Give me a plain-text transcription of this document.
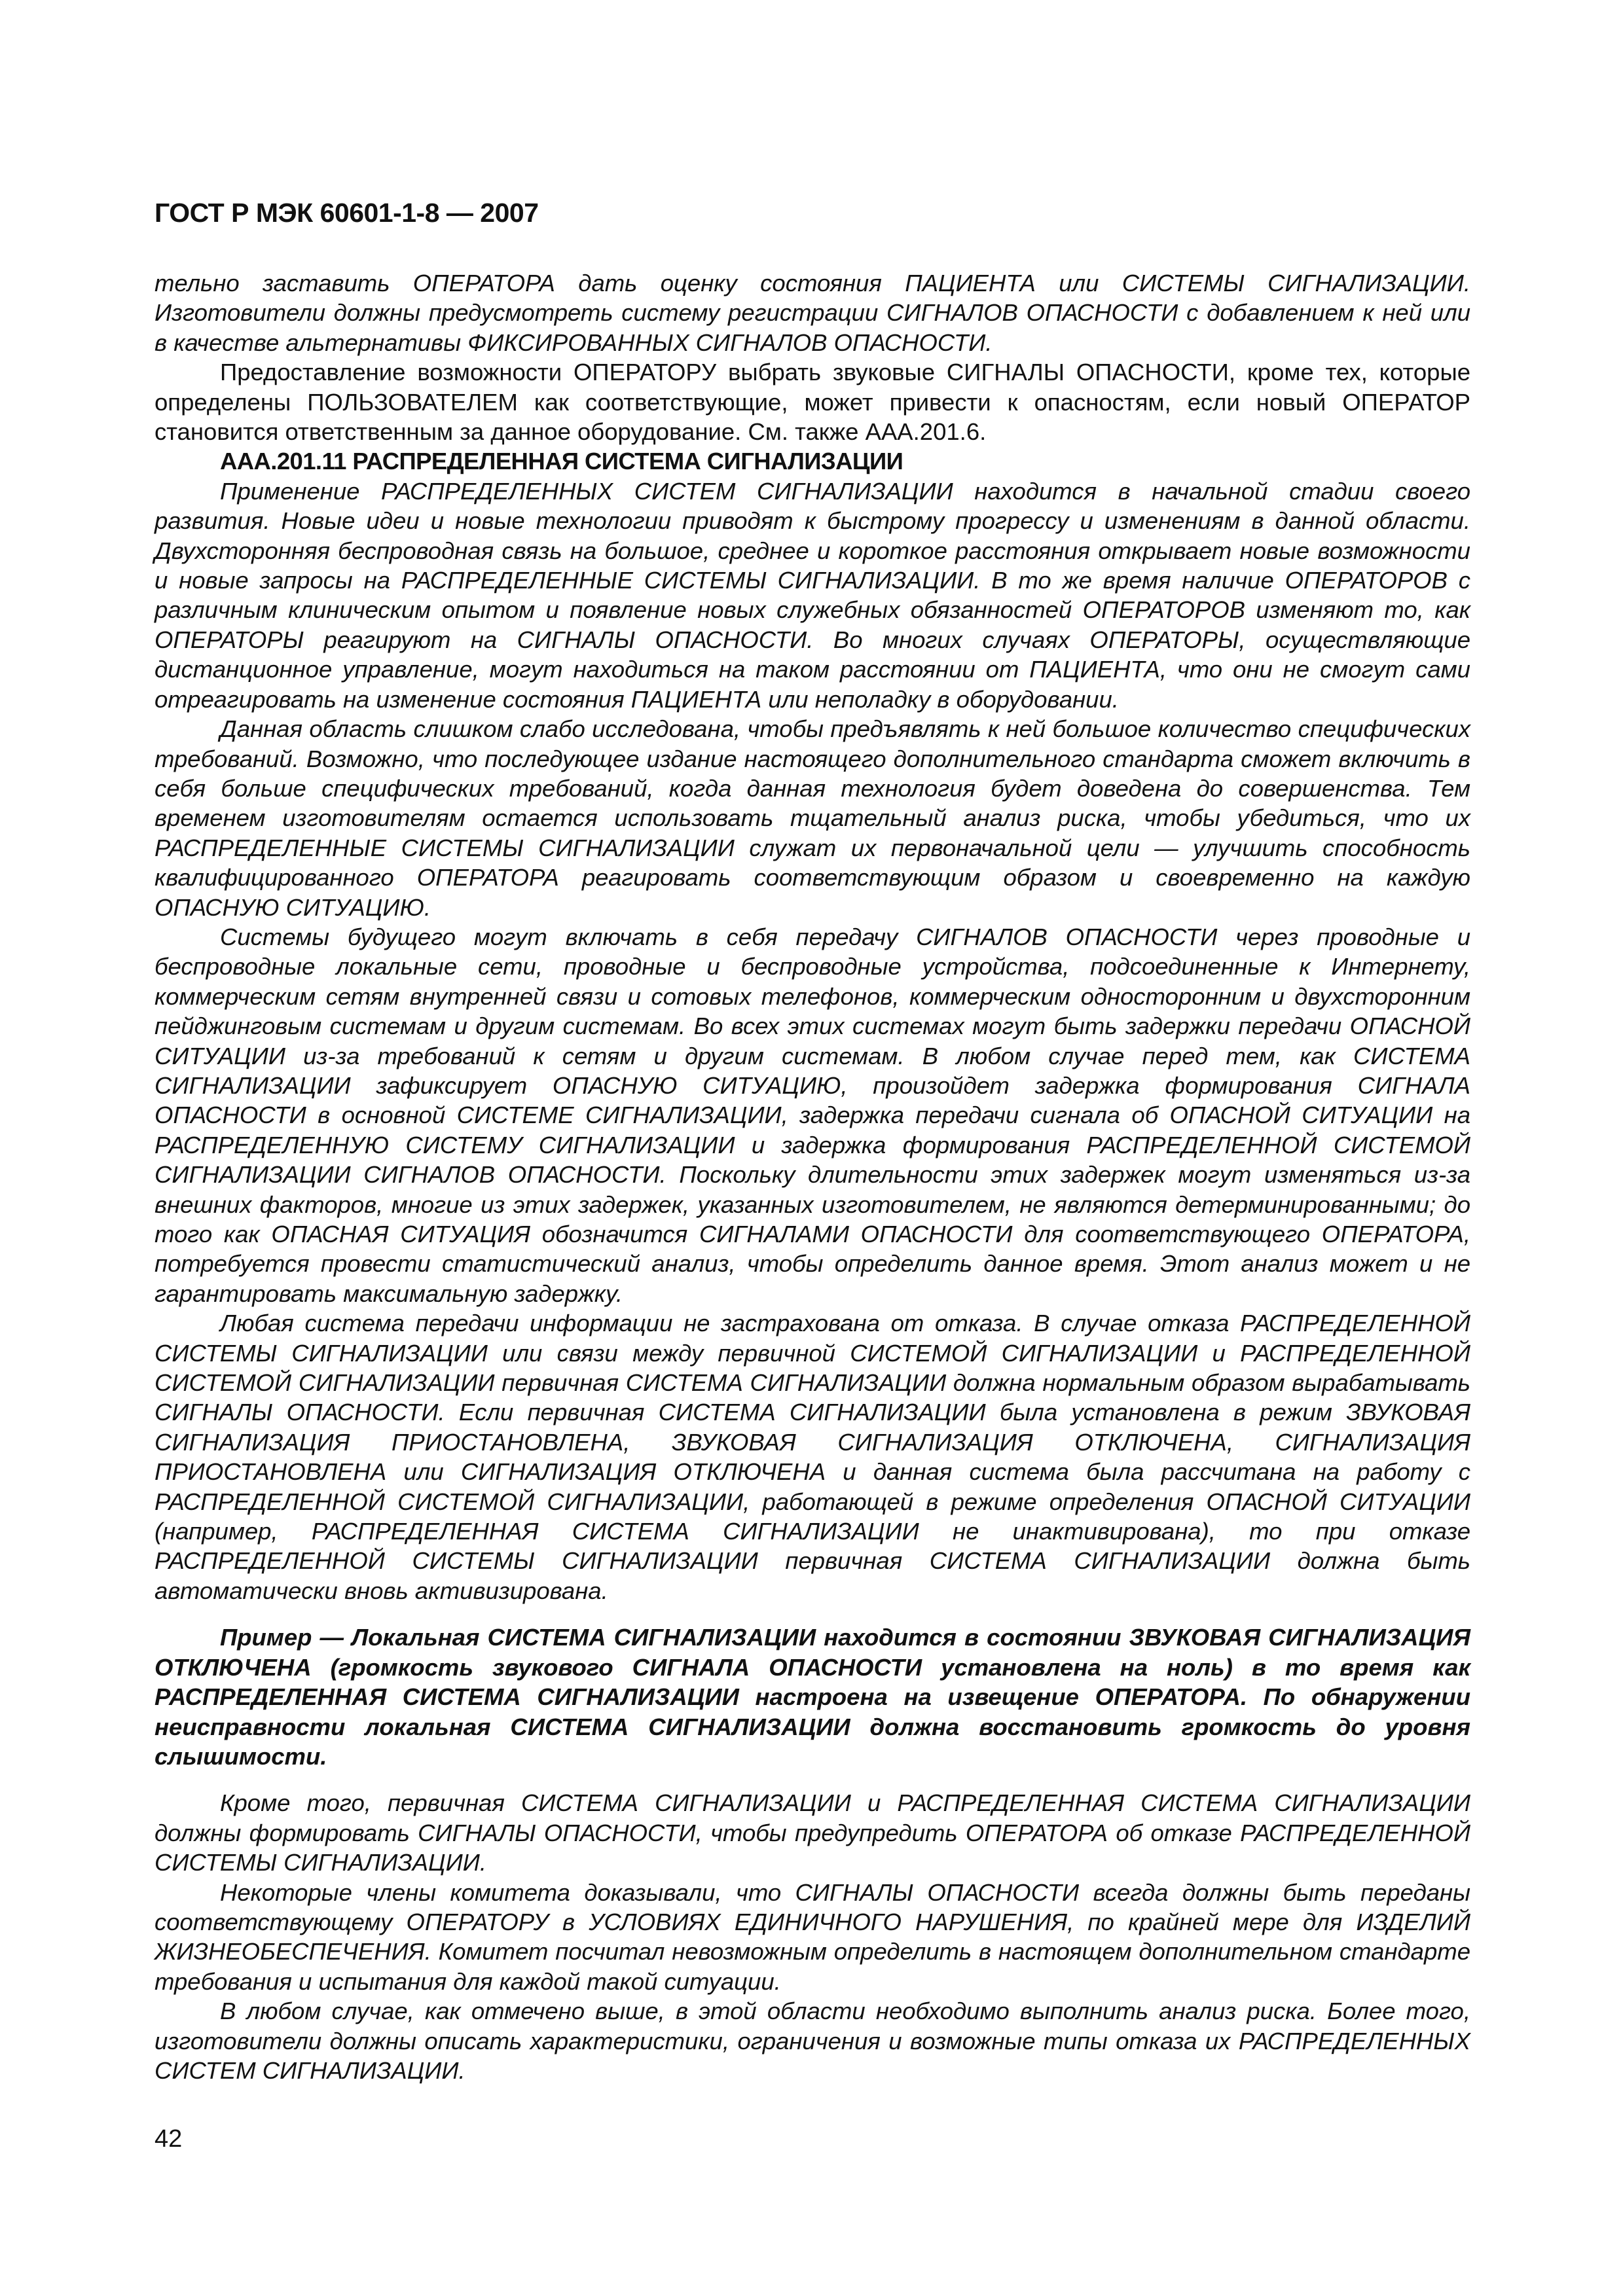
ГОСТ Р МЭК 60601-1-8 — 2007

тельно заставить ОПЕРАТОРА дать оценку состояния ПАЦИЕНТА или СИСТЕМЫ СИГНАЛИЗАЦИИ. Изготовители должны предусмотреть систему регистрации СИГНАЛОВ ОПАСНОСТИ с добавлением к ней или в качестве альтернативы ФИКСИРОВАННЫХ СИГНАЛОВ ОПАСНОСТИ.

Предоставление возможности ОПЕРАТОРУ выбрать звуковые СИГНАЛЫ ОПАСНОСТИ, кроме тех, которые определены ПОЛЬЗОВАТЕЛЕМ как соответствующие, может привести к опасностям, если новый ОПЕРАТОР становится ответственным за данное оборудование. См. также ААА.201.6.

ААА.201.11 РАСПРЕДЕЛЕННАЯ СИСТЕМА СИГНАЛИЗАЦИИ

Применение РАСПРЕДЕЛЕННЫХ СИСТЕМ СИГНАЛИЗАЦИИ находится в начальной стадии своего развития. Новые идеи и новые технологии приводят к быстрому прогрессу и изменениям в данной области. Двухсторонняя беспроводная связь на большое, среднее и короткое расстояния открывает новые возможности и новые запросы на РАСПРЕДЕЛЕННЫЕ СИСТЕМЫ СИГНАЛИЗАЦИИ. В то же время наличие ОПЕРАТОРОВ с различным клиническим опытом и появление новых служебных обязанностей ОПЕРАТОРОВ изменяют то, как ОПЕРАТОРЫ реагируют на СИГНАЛЫ ОПАСНОСТИ. Во многих случаях ОПЕРАТОРЫ, осуществляющие дистанционное управление, могут находиться на таком расстоянии от ПАЦИЕНТА, что они не смогут сами отреагировать на изменение состояния ПАЦИЕНТА или неполадку в оборудовании.

Данная область слишком слабо исследована, чтобы предъявлять к ней большое количество специфических требований. Возможно, что последующее издание настоящего дополнительного стандарта сможет включить в себя больше специфических требований, когда данная технология будет доведена до совершенства. Тем временем изготовителям остается использовать тщательный анализ риска, чтобы убедиться, что их РАСПРЕДЕЛЕННЫЕ СИСТЕМЫ СИГНАЛИЗАЦИИ служат их первоначальной цели — улучшить способность квалифицированного ОПЕРАТОРА реагировать соответствующим образом и своевременно на каждую ОПАСНУЮ СИТУАЦИЮ.

Системы будущего могут включать в себя передачу СИГНАЛОВ ОПАСНОСТИ через проводные и беспроводные локальные сети, проводные и беспроводные устройства, подсоединенные к Интернету, коммерческим сетям внутренней связи и сотовых телефонов, коммерческим односторонним и двухсторонним пейджинговым системам и другим системам. Во всех этих системах могут быть задержки передачи ОПАСНОЙ СИТУАЦИИ из-за требований к сетям и другим системам. В любом случае перед тем, как СИСТЕМА СИГНАЛИЗАЦИИ зафиксирует ОПАСНУЮ СИТУАЦИЮ, произойдет задержка формирования СИГНАЛА ОПАСНОСТИ в основной СИСТЕМЕ СИГНАЛИЗАЦИИ, задержка передачи сигнала об ОПАСНОЙ СИТУАЦИИ на РАСПРЕДЕЛЕННУЮ СИСТЕМУ СИГНАЛИЗАЦИИ и задержка формирования РАСПРЕДЕЛЕННОЙ СИСТЕМОЙ СИГНАЛИЗАЦИИ СИГНАЛОВ ОПАСНОСТИ. Поскольку длительности этих задержек могут изменяться из-за внешних факторов, многие из этих задержек, указанных изготовителем, не являются детерминированными; до того как ОПАСНАЯ СИТУАЦИЯ обозначится СИГНАЛАМИ ОПАСНОСТИ для соответствующего ОПЕРАТОРА, потребуется провести статистический анализ, чтобы определить данное время. Этот анализ может и не гарантировать максимальную задержку.

Любая система передачи информации не застрахована от отказа. В случае отказа РАСПРЕДЕЛЕННОЙ СИСТЕМЫ СИГНАЛИЗАЦИИ или связи между первичной СИСТЕМОЙ СИГНАЛИЗАЦИИ и РАСПРЕДЕЛЕННОЙ СИСТЕМОЙ СИГНАЛИЗАЦИИ первичная СИСТЕМА СИГНАЛИЗАЦИИ должна нормальным образом вырабатывать СИГНАЛЫ ОПАСНОСТИ. Если первичная СИСТЕМА СИГНАЛИЗАЦИИ была установлена в режим ЗВУКОВАЯ СИГНАЛИЗАЦИЯ ПРИОСТАНОВЛЕНА, ЗВУКОВАЯ СИГНАЛИЗАЦИЯ ОТКЛЮЧЕНА, СИГНАЛИЗАЦИЯ ПРИОСТАНОВЛЕНА или СИГНАЛИЗАЦИЯ ОТКЛЮЧЕНА и данная система была рассчитана на работу с РАСПРЕДЕЛЕННОЙ СИСТЕМОЙ СИГНАЛИЗАЦИИ, работающей в режиме определения ОПАСНОЙ СИТУАЦИИ (например, РАСПРЕДЕЛЕННАЯ СИСТЕМА СИГНАЛИЗАЦИИ не инактивирована), то при отказе РАСПРЕДЕЛЕННОЙ СИСТЕМЫ СИГНАЛИЗАЦИИ первичная СИСТЕМА СИГНАЛИЗАЦИИ должна быть автоматически вновь активизирована.

Пример — Локальная СИСТЕМА СИГНАЛИЗАЦИИ находится в состоянии ЗВУКОВАЯ СИГНАЛИЗАЦИЯ ОТКЛЮЧЕНА (громкость звукового СИГНАЛА ОПАСНОСТИ установлена на ноль) в то время как РАСПРЕДЕЛЕННАЯ СИСТЕМА СИГНАЛИЗАЦИИ настроена на извещение ОПЕРАТОРА. По обнаружении неисправности локальная СИСТЕМА СИГНАЛИЗАЦИИ должна восстановить громкость до уровня слышимости.

Кроме того, первичная СИСТЕМА СИГНАЛИЗАЦИИ и РАСПРЕДЕЛЕННАЯ СИСТЕМА СИГНАЛИЗАЦИИ должны формировать СИГНАЛЫ ОПАСНОСТИ, чтобы предупредить ОПЕРАТОРА об отказе РАСПРЕДЕЛЕННОЙ СИСТЕМЫ СИГНАЛИЗАЦИИ.

Некоторые члены комитета доказывали, что СИГНАЛЫ ОПАСНОСТИ всегда должны быть переданы соответствующему ОПЕРАТОРУ в УСЛОВИЯХ ЕДИНИЧНОГО НАРУШЕНИЯ, по крайней мере для ИЗДЕЛИЙ ЖИЗНЕОБЕСПЕЧЕНИЯ. Комитет посчитал невозможным определить в настоящем дополнительном стандарте требования и испытания для каждой такой ситуации.

В любом случае, как отмечено выше, в этой области необходимо выполнить анализ риска. Более того, изготовители должны описать характеристики, ограничения и возможные типы отказа их РАСПРЕДЕЛЕННЫХ СИСТЕМ СИГНАЛИЗАЦИИ.

42
